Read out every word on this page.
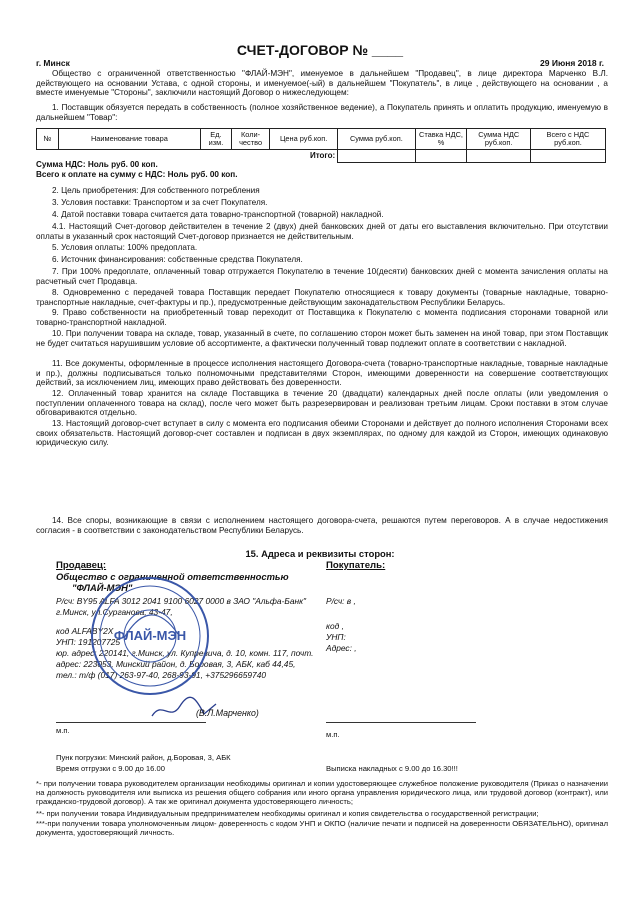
СЧЕТ-ДОГОВОР № ____
г. Минск	29 Июня 2018 г.
Общество с ограниченной ответственностью "ФЛАЙ-МЭН", именуемое в дальнейшем "Продавец", в лице директора Марченко В.Л. действующего на основании Устава, с одной стороны, и именуемое(-ый) в дальнейшем "Покупатель", в лице , действующего на основании , а вместе именуемые "Стороны", заключили настоящий Договор о нижеследующем:
1. Поставщик обязуется передать в собственность (полное хозяйственное ведение), а Покупатель принять и оплатить продукцию, именуемую в дальнейшем "Товар":
№	Наименование товара	Ед. изм.	Коли-чество	Цена руб.коп.	Сумма руб.коп.	Ставка НДС, %	Сумма НДС руб.коп.	Всего с НДС руб.коп.
Итого:								
Сумма НДС: Ноль руб. 00 коп.
Всего к оплате на сумму с НДС: Ноль руб. 00 коп.
2. Цель приобретения: Для собственного потребления
3. Условия поставки: Транспортом и за счет Покупателя.
4. Датой поставки товара считается дата товарно-транспортной (товарной) накладной.
4.1. Настоящий Счет-договор действителен в течение 2 (двух) дней банковских дней от даты его выставления включительно. При отсутствии оплаты в указанный срок настоящий Счет-договор признается не действительным.
5. Условия оплаты: 100% предоплата.
6. Источник финансирования: собственные средства Покупателя.
7. При 100% предоплате, оплаченный товар отгружается Покупателю в течение 10(десяти) банковских дней с момента зачисления оплаты на расчетный счет Продавца.
8. Одновременно с передачей товара Поставщик передает Покупателю относящиеся к товару документы (товарные накладные, товарно-транспортные накладные, счет-фактуры и пр.), предусмотренные действующим законадательством Республики Беларусь.
9. Право собственности на приобретенный товар переходит от Поставщика к Покупателю с момента подписания сторонами товарной или товарно-транспортной накладной.
10. При получении товара на складе, товар, указанный в счете, по соглашению сторон может быть заменен на иной товар, при этом Поставщик не будет считаться нарушившим условие об ассортименте, а фактически полученный товар подлежит оплате в соответствии с накладной.
11. Все документы, оформленные в процессе исполнения настоящего Договора-счета (товарно-транспортные накладные, товарные накладные и пр.), должны подписываться только полномочными представителями Сторон, имеющими доверенности на совершение соответствующих действий, за исключением лиц, имеющих право действовать без доверенности.
12. Оплаченный товар хранится на складе Поставщика в течение 20 (двадцати) календарных дней после оплаты (или уведомления о поступлении оплаченного товара на склад), после чего может быть разрезервирован и реализован третьим лицам. Сроки поставки в этом случае обговариваются отдельно.
13. Настоящий договор-счет вступает в силу с момента его подписания обеими Сторонами и действует до полного исполнения Сторонами всех своих обязательств. Настоящий договор-счет составлен и подписан в двух экземплярах, по одному для каждой из Сторон, имеющих одинаковую юридическую силу.
14. Все споры, возникающие в связи с исполнением настоящего договора-счета, решаются путем переговоров. А в случае недостижения согласия - в соответствии с законодательством Республики Беларусь.
15. Адреса и реквизиты сторон:
Продавец:
Общество с ограниченной ответственностью
"ФЛАЙ-МЭН"
Р/сч: BY95 ALFA 3012 2041 9100 6027 0000 в ЗАО "Альфа-Банк"
г.Минск, ул.Сурганова, 43-47,
код ALFABY2X
УНП: 191207725
юр. адрес: 220141, г.Минск, ул. Купревича, д. 10, комн. 117, почт.
адрес: 223053, Минский район, д. Боровая, 3, АБК, каб 44,45,
тел.: т/ф (017) 263-97-40, 268-93-91, +375296659740
ФЛАЙ-МЭН
(В.Л.Марченко)
м.п.
Пунк погрузки: Минский район, д.Боровая, 3, АБК
Время отгрузки с 9.00 до 16.00
Покупатель:
Р/сч: в ,
код ,
УНП:
Адрес: ,
м.п.
Выписка накладных с 9.00 до 16.30!!!
*- при получении товара руководителем организации необходимы оригинал и копии удостоверяющее служебное положение руководителя (Приказ о назначении на должность руководителя или выписка из решения общего собрания или иного органа управления юридического лица, или трудовой договор (контракт), или гражданско-трудовой договор). А так же оригинал документа удостоверяющего личность;
**- при получении товара Индивидуальным предпринимателем необходимы оригинал и копия свидетельства о государственной регистрации;
***-при получении товара уполномоченным лицом- доверенность с кодом УНП и ОКПО (наличие печати и подписей на доверенности ОБЯЗАТЕЛЬНО), оригинал документа, удостоверяющий личность.
